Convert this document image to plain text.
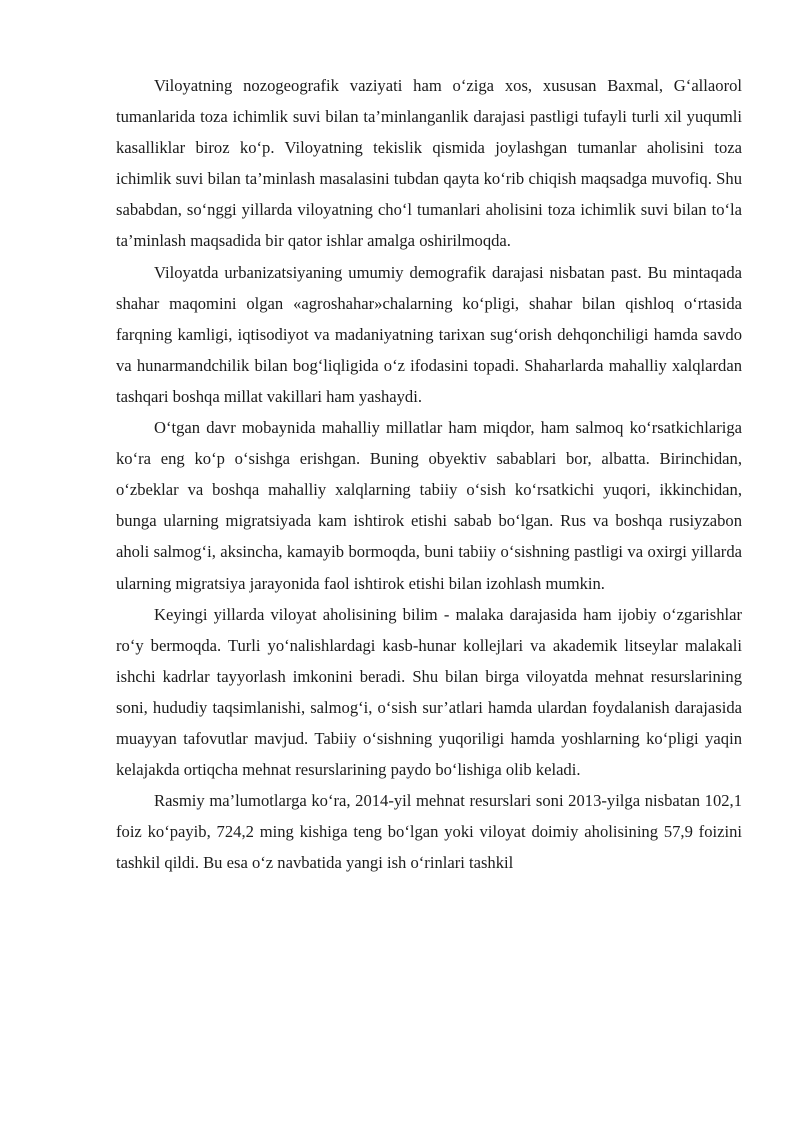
Viloyatning nozogeografik vaziyati ham o‘ziga xos, xususan Baxmal, G‘allaorol tumanlarida toza ichimlik suvi bilan ta’minlanganlik darajasi pastligi tufayli turli xil yuqumli kasalliklar biroz ko‘p. Viloyatning tekislik qismida joylashgan tumanlar aholisini toza ichimlik suvi bilan ta’minlash masalasini tubdan qayta ko‘rib chiqish maqsadga muvofiq. Shu sababdan, so‘nggi yillarda viloyatning cho‘l tumanlari aholisini toza ichimlik suvi bilan to‘la ta’minlash maqsadida bir qator ishlar amalga oshirilmoqda.

Viloyatda urbanizatsiyaning umumiy demografik darajasi nisbatan past. Bu mintaqada shahar maqomini olgan «agroshahar»chalarning ko‘pligi, shahar bilan qishloq o‘rtasida farqning kamligi, iqtisodiyot va madaniyatning tarixan sug‘orish dehqonchiligi hamda savdo va hunarmandchilik bilan bog‘liqligida o‘z ifodasini topadi. Shaharlarda mahalliy xalqlardan tashqari boshqa millat vakillari ham yashaydi.

O‘tgan davr mobaynida mahalliy millatlar ham miqdor, ham salmoq ko‘rsatkichlariga ko‘ra eng ko‘p o‘sishga erishgan. Buning obyektiv sabablari bor, albatta. Birinchidan, o‘zbeklar va boshqa mahalliy xalqlarning tabiiy o‘sish ko‘rsatkichi yuqori, ikkinchidan, bunga ularning migratsiyada kam ishtirok etishi sabab bo‘lgan. Rus va boshqa rusiyzabon aholi salmog‘i, aksincha, kamayib bormoqda, buni tabiiy o‘sishning pastligi va oxirgi yillarda ularning migratsiya jarayonida faol ishtirok etishi bilan izohlash mumkin.

Keyingi yillarda viloyat aholisining bilim - malaka darajasida ham ijobiy o‘zgarishlar ro‘y bermoqda. Turli yo‘nalishlardagi kasb-hunar kollejlari va akademik litseylar malakali ishchi kadrlar tayyorlash imkonini beradi. Shu bilan birga viloyatda mehnat resurslarining soni, hududiy taqsimlanishi, salmog‘i, o‘sish sur’atlari hamda ulardan foydalanish darajasida muayyan tafovutlar mavjud. Tabiiy o‘sishning yuqoriligi hamda yoshlarning ko‘pligi yaqin kelajakda ortiqcha mehnat resurslarining paydo bo‘lishiga olib keladi.

Rasmiy ma’lumotlarga ko‘ra, 2014-yil mehnat resurslari soni 2013-yilga nisbatan 102,1 foiz ko‘payib, 724,2 ming kishiga teng bo‘lgan yoki viloyat doimiy aholisining 57,9 foizini tashkil qildi. Bu esa o‘z navbatida yangi ish o‘rinlari tashkil
